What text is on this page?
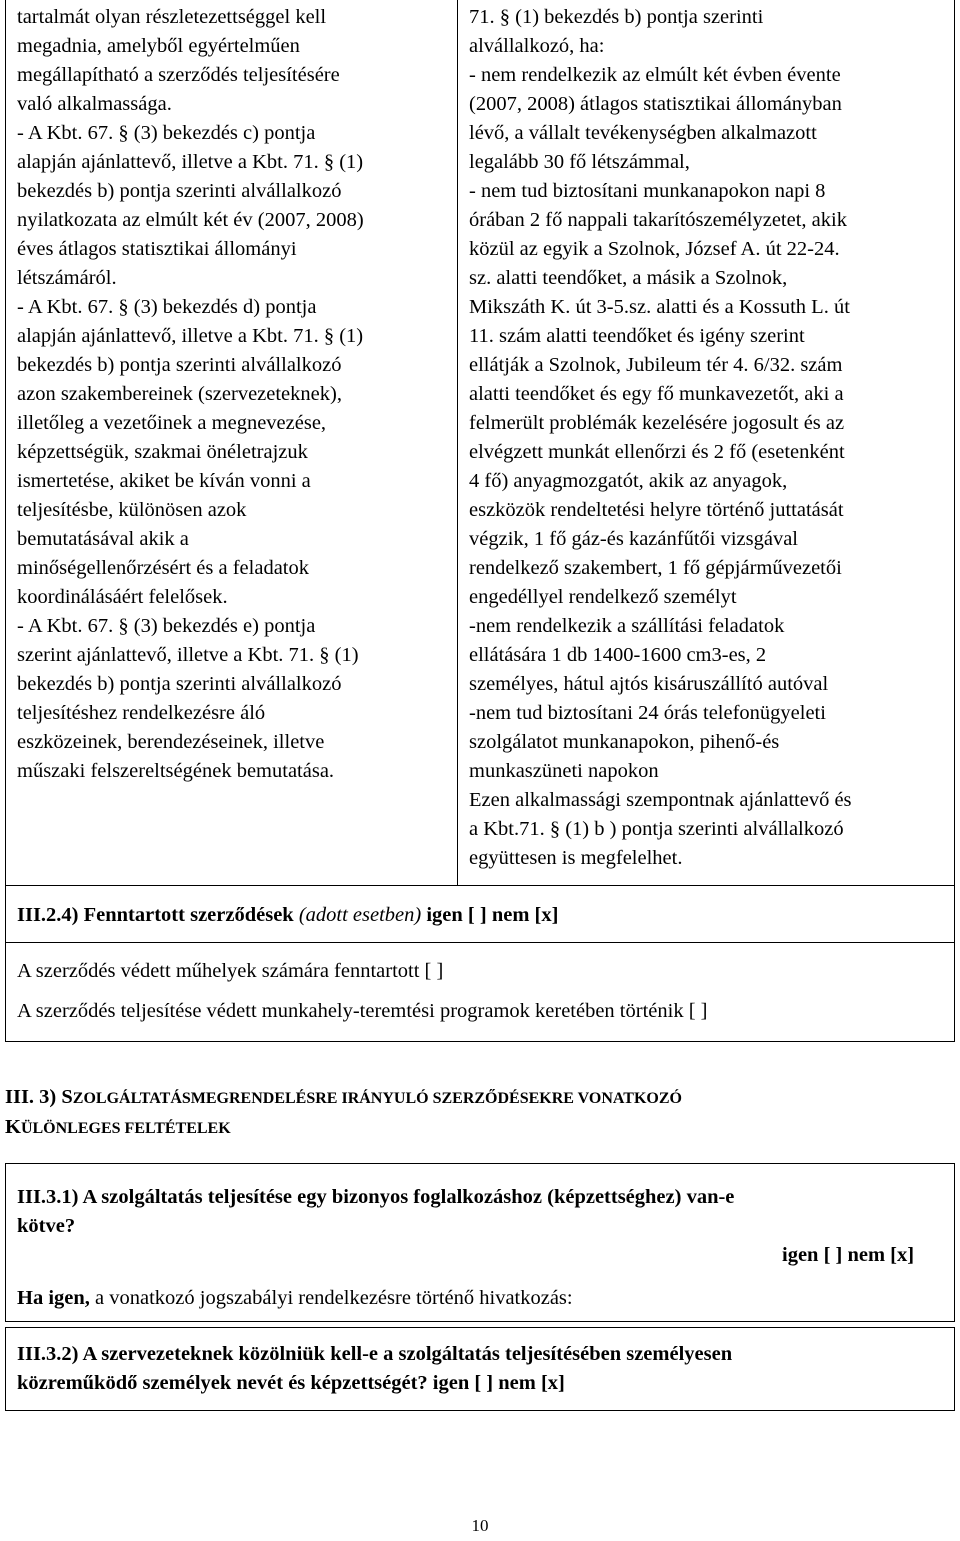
tartalmát olyan részletezettséggel kell
megadnia, amelyből egyértelműen
megállapítható a szerződés teljesítésére
való alkalmassága.
- A Kbt. 67. § (3) bekezdés c) pontja
alapján ajánlattevő, illetve a Kbt. 71. § (1)
bekezdés b) pontja szerinti alvállalkozó
nyilatkozata az elmúlt két év (2007, 2008)
éves átlagos statisztikai állományi
létszámáról.
- A Kbt. 67. § (3) bekezdés d) pontja
alapján ajánlattevő, illetve a Kbt. 71. § (1)
bekezdés b) pontja szerinti alvállalkozó
azon szakembereinek (szervezeteknek),
illetőleg a vezetőinek a megnevezése,
képzettségük, szakmai önéletrajzuk
ismertetése, akiket be kíván vonni a
teljesítésbe, különösen azok
bemutatásával akik a
minőségellenőrzésért és a feladatok
koordinálásáért felelősek.
- A Kbt. 67. § (3) bekezdés e) pontja
szerint ajánlattevő, illetve a Kbt. 71. § (1)
bekezdés b) pontja szerinti alvállalkozó
teljesítéshez rendelkezésre áló
eszközeinek, berendezéseinek, illetve
műszaki felszereltségének bemutatása.
71. § (1) bekezdés b) pontja szerinti
alvállalkozó, ha:
- nem rendelkezik az elmúlt két évben évente
(2007, 2008) átlagos statisztikai állományban
lévő, a vállalt tevékenységben alkalmazott
legalább 30 fő létszámmal,
- nem tud biztosítani munkanapokon napi 8
órában 2 fő nappali takarítószemélyzetet, akik
közül az egyik a Szolnok, József A. út 22-24.
sz. alatti teendőket, a másik a Szolnok,
Mikszáth K. út 3-5.sz. alatti és a Kossuth L. út
11. szám alatti teendőket és igény szerint
ellátják a Szolnok, Jubileum tér 4. 6/32. szám
alatti teendőket és egy fő munkavezetőt, aki a
felmerült problémák kezelésére jogosult és az
elvégzett munkát ellenőrzi és 2 fő (esetenként
4 fő) anyagmozgatót, akik az anyagok,
eszközök rendeltetési helyre történő juttatását
végzik, 1 fő gáz-és kazánfűtői vizsgával
rendelkező szakembert, 1 fő gépjárművezetői
engedéllyel rendelkező személyt
-nem rendelkezik a szállítási feladatok
ellátására 1 db 1400-1600 cm3-es, 2
személyes, hátul ajtós kisáruszállító autóval
-nem tud biztosítani 24 órás telefonügyeleti
szolgálatot munkanapokon, pihenő-és
munkaszüneti napokon
Ezen alkalmassági szempontnak ajánlattevő és
a Kbt.71. § (1) b ) pontja szerinti alvállalkozó
együttesen is megfelelhet.
III.2.4) Fenntartott szerződések (adott esetben) igen [ ] nem [x]
A szerződés védett műhelyek számára fenntartott [ ]
A szerződés teljesítése védett munkahely-teremtési programok keretében történik [ ]
III. 3) SZOLGÁLTATÁSMEGRENDELÉSRE IRÁNYULÓ SZERZŐDÉSEKRE VONATKOZÓ
KÜLÖNLEGES FELTÉTELEK
III.3.1) A szolgáltatás teljesítése egy bizonyos foglalkozáshoz (képzettséghez) van-e
kötve?
igen [ ] nem [x]
Ha igen, a vonatkozó jogszabályi rendelkezésre történő hivatkozás:
III.3.2) A szervezeteknek közölniük kell-e a szolgáltatás teljesítésében személyesen
közreműködő személyek nevét és képzettségét? igen [ ] nem [x]
10
